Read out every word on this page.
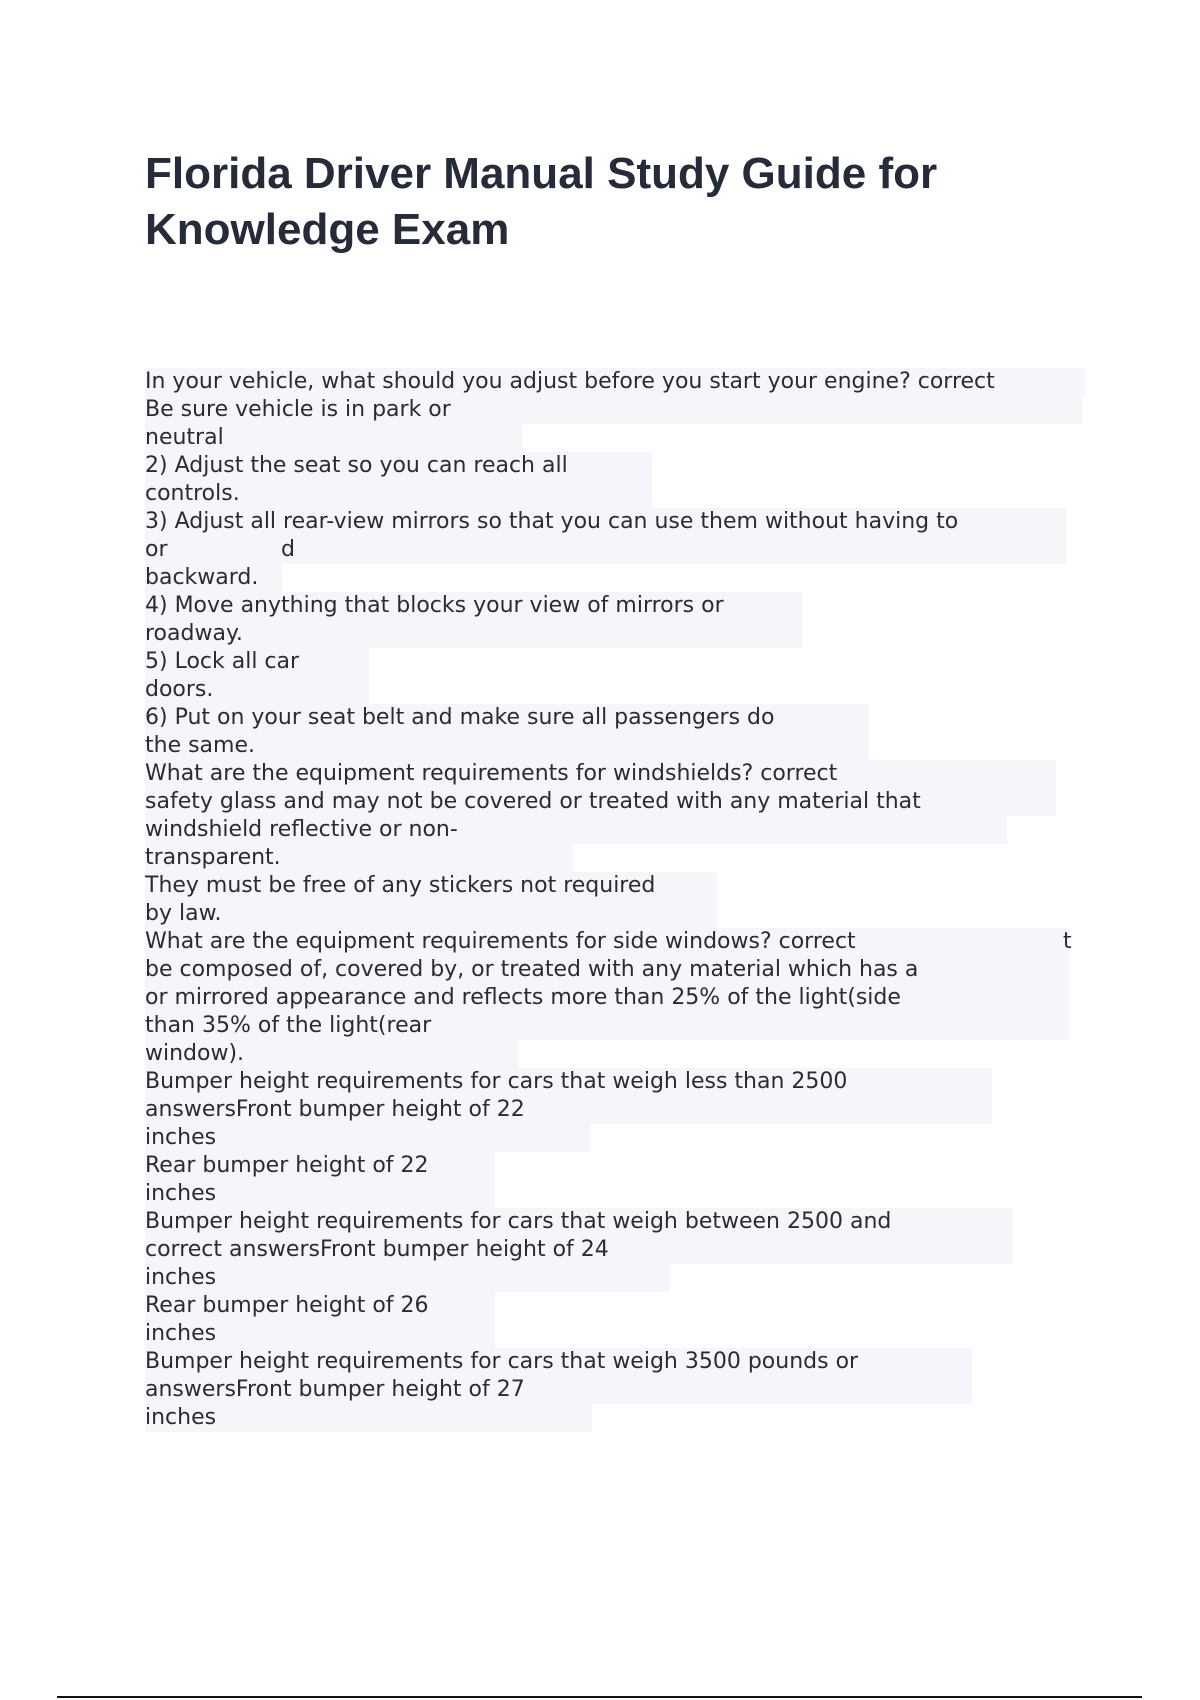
Florida Driver Manual Study Guide for Knowledge Exam
In your vehicle, what should you adjust before you start your engine? correct
Be sure vehicle is in park or
neutral
2) Adjust the seat so you can reach all
controls.
3) Adjust all rear-view mirrors so that you can use them without having to
or	d
backward.
4) Move anything that blocks your view of mirrors or
roadway.
5) Lock all car
doors.
6) Put on your seat belt and make sure all passengers do
the same.
What are the equipment requirements for windshields? correct
safety glass and may not be covered or treated with any material that
windshield reflective or non-
transparent.
They must be free of any stickers not required
by law.
What are the equipment requirements for side windows? correct	t
be composed of, covered by, or treated with any material which has a
or mirrored appearance and reflects more than 25% of the light(side
than 35% of the light(rear
window).
Bumper height requirements for cars that weigh less than 2500
answersFront bumper height of 22
inches
Rear bumper height of 22
inches
Bumper height requirements for cars that weigh between 2500 and
correct answersFront bumper height of 24
inches
Rear bumper height of 26
inches
Bumper height requirements for cars that weigh 3500 pounds or
answersFront bumper height of 27
inches
